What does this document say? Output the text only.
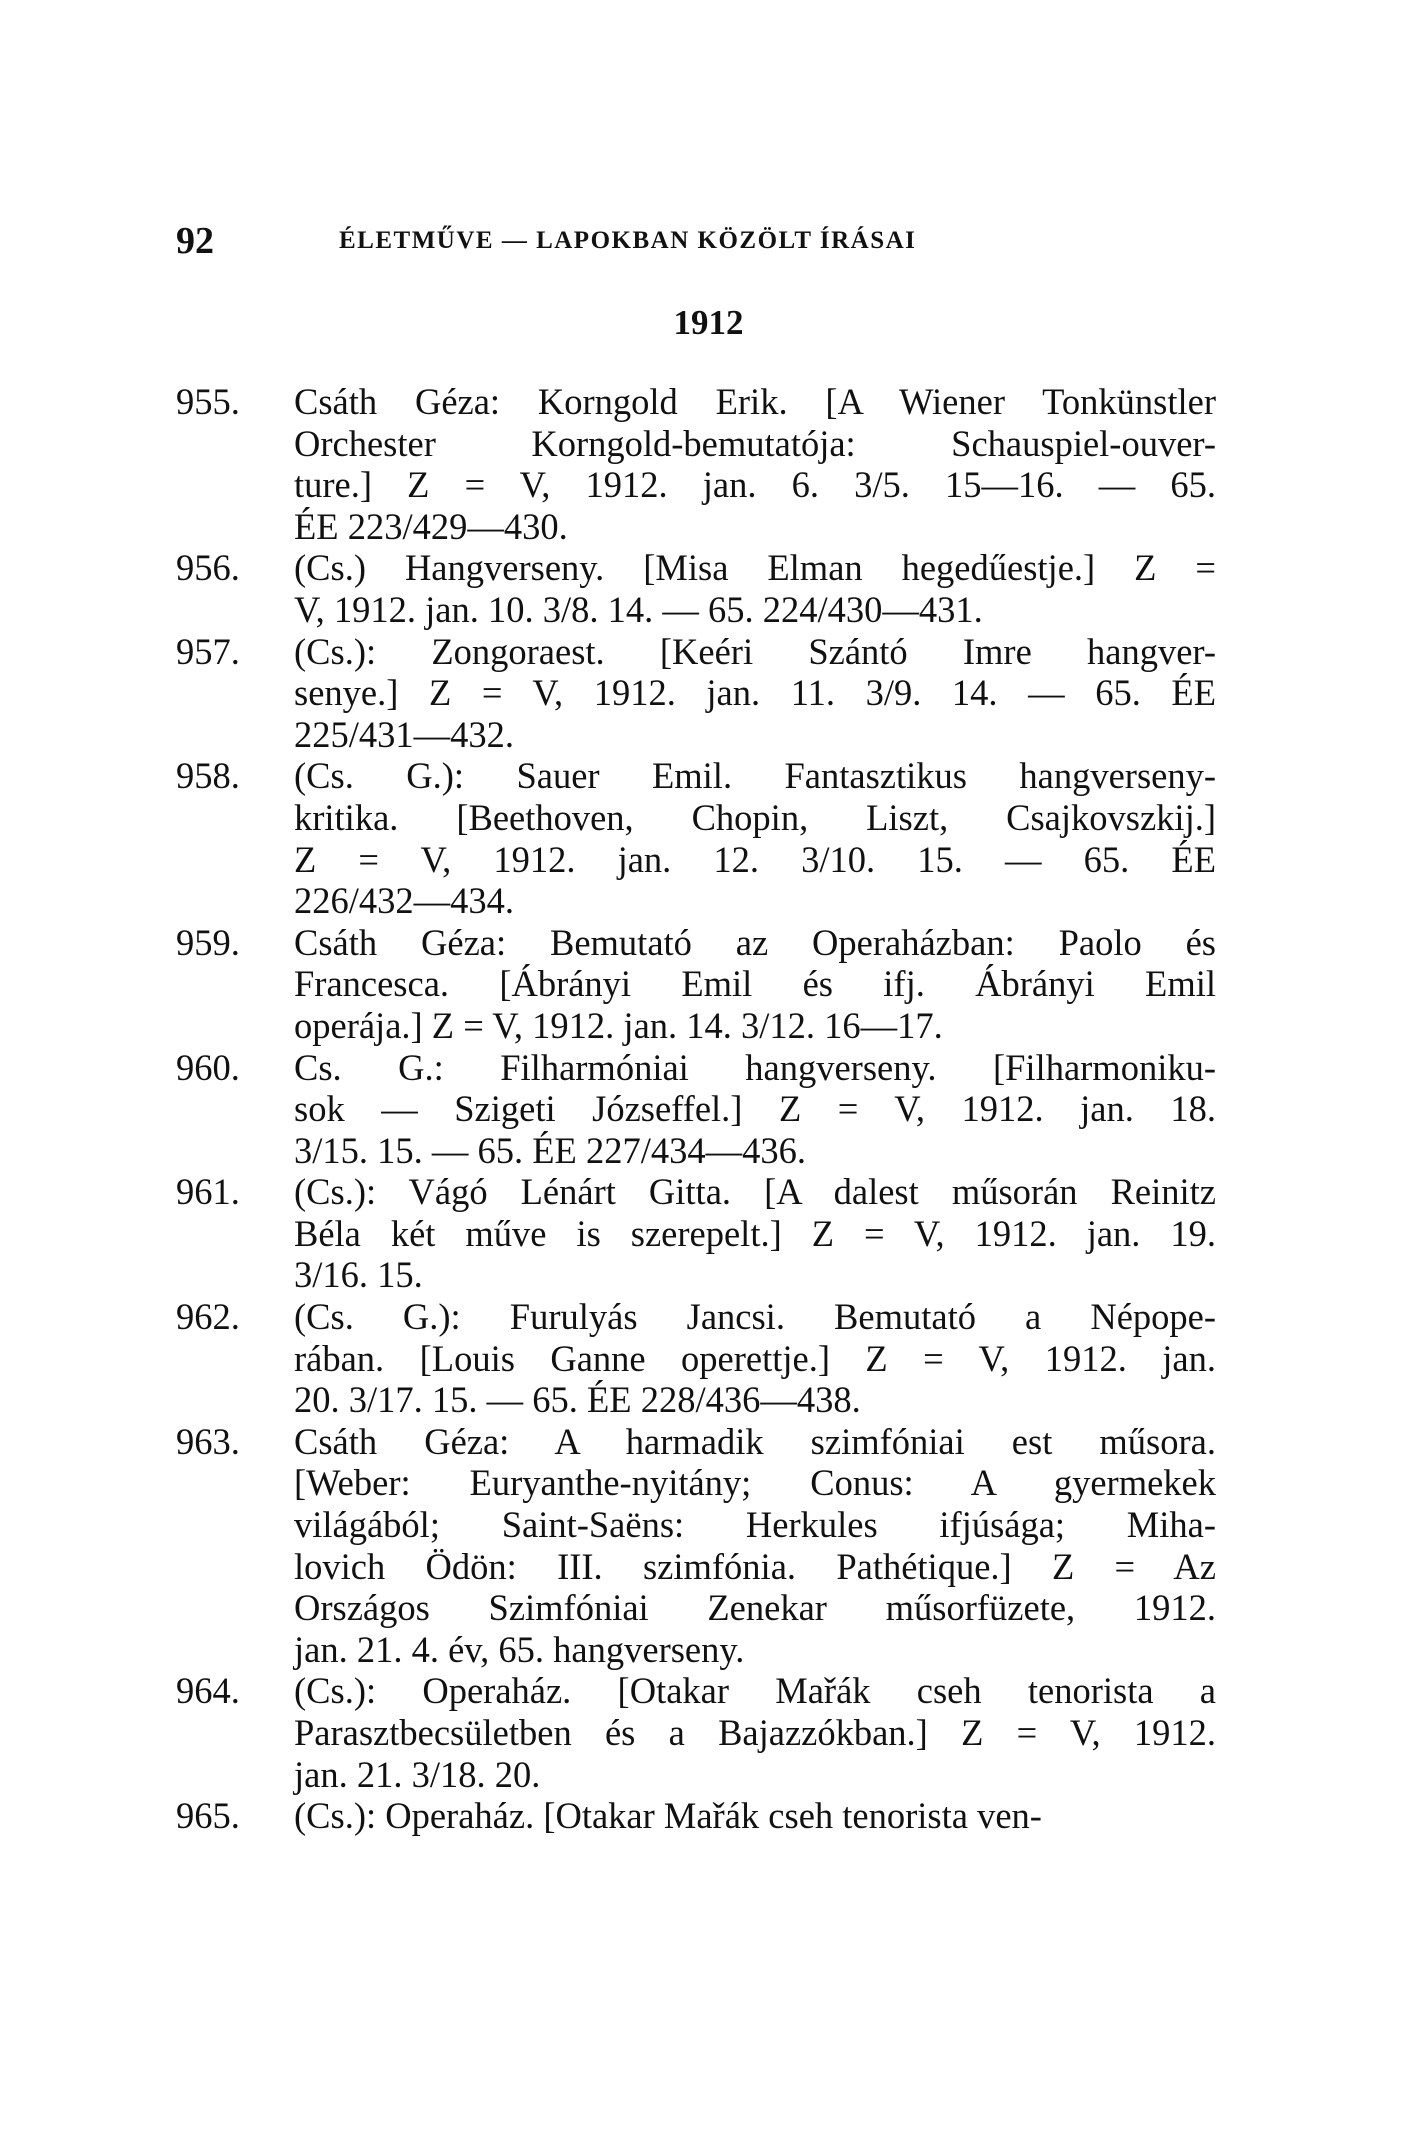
92	ÉLETMŰVE — LAPOKBAN KÖZÖLT ÍRÁSAI
1912
955. Csáth Géza: Korngold Erik. [A Wiener Tonkünstler
Orchester Korngold-bemutatója: Schauspiel-ouver-
ture.] Z = V, 1912. jan. 6. 3/5. 15—16. — 65.
ÉE 223/429—430.
956. (Cs.) Hangverseny. [Misa Elman hegedűestje.] Z =
V, 1912. jan. 10. 3/8. 14. — 65. 224/430—431.
957. (Cs.): Zongoraest. [Keéri Szántó Imre hangver-
senye.] Z = V, 1912. jan. 11. 3/9. 14. — 65. ÉE
225/431—432.
958. (Cs. G.): Sauer Emil. Fantasztikus hangverseny-
kritika. [Beethoven, Chopin, Liszt, Csajkovszkij.]
Z = V, 1912. jan. 12. 3/10. 15. — 65. ÉE
226/432—434.
959. Csáth Géza: Bemutató az Operaházban: Paolo és
Francesca. [Ábrányi Emil és ifj. Ábrányi Emil
operája.] Z = V, 1912. jan. 14. 3/12. 16—17.
960. Cs. G.: Filharmóniai hangverseny. [Filharmoniku-
sok — Szigeti Józseffel.] Z = V, 1912. jan. 18.
3/15. 15. — 65. ÉE 227/434—436.
961. (Cs.): Vágó Lénárt Gitta. [A dalest műsorán Reinitz
Béla két műve is szerepelt.] Z = V, 1912. jan. 19.
3/16. 15.
962. (Cs. G.): Furulyás Jancsi. Bemutató a Népope-
rában. [Louis Ganne operettje.] Z = V, 1912. jan.
20. 3/17. 15. — 65. ÉE 228/436—438.
963. Csáth Géza: A harmadik szimfóniai est műsora.
[Weber: Euryanthe-nyitány; Conus: A gyermekek
világából; Saint-Saëns: Herkules ifjúsága; Miha-
lovich Ödön: III. szimfónia. Pathétique.] Z = Az
Országos Szimfóniai Zenekar műsorfüzete, 1912.
jan. 21. 4. év, 65. hangverseny.
964. (Cs.): Operaház. [Otakar Mařák cseh tenorista a
Parasztbecsületben és a Bajazzókban.] Z = V, 1912.
jan. 21. 3/18. 20.
965. (Cs.): Operaház. [Otakar Mařák cseh tenorista ven-
